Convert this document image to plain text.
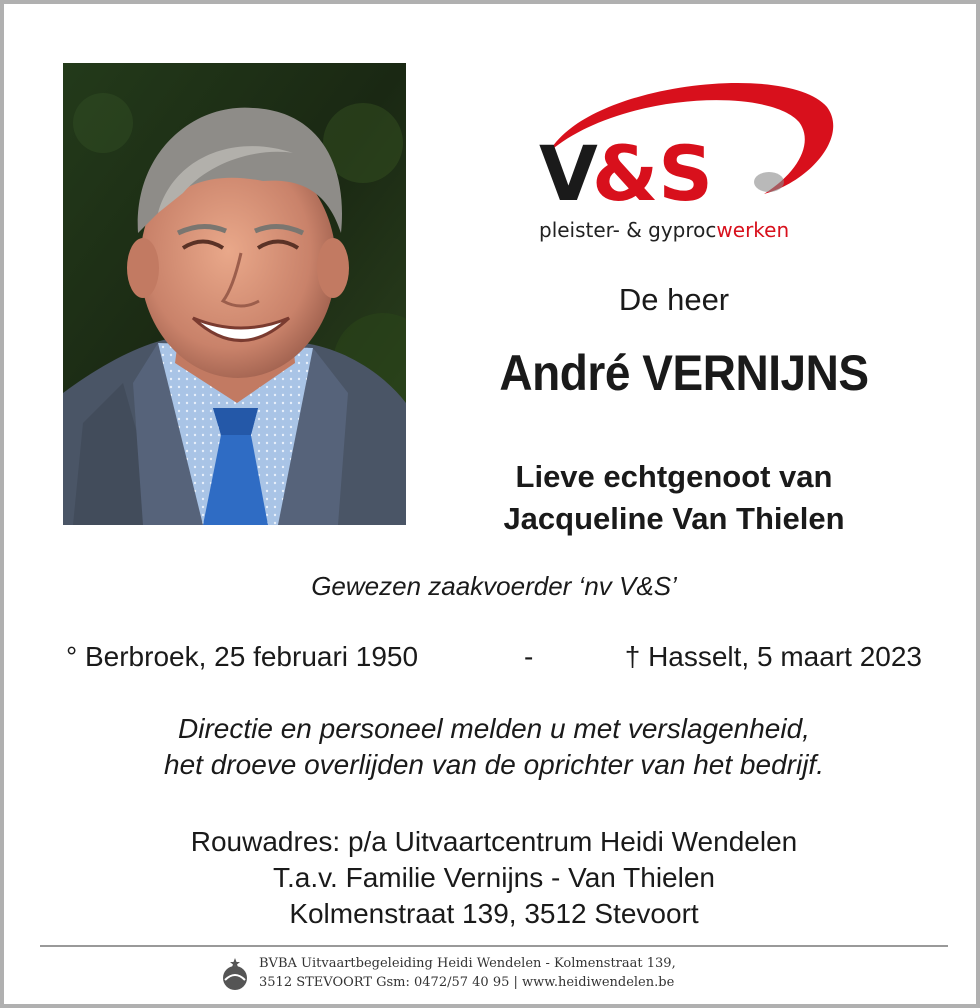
V
&S
pleister- & gyprocwerken
De heer
André VERNIJNS
Lieve echtgenoot van
Jacqueline Van Thielen
Gewezen zaakvoerder ‘nv V&S’
° Berbroek, 25 februari 1950	-	† Hasselt, 5 maart 2023
Directie en personeel melden u met verslagenheid,
het droeve overlijden van de oprichter van het bedrijf.
Rouwadres: p/a Uitvaartcentrum Heidi Wendelen
T.a.v. Familie Vernijns - Van Thielen
Kolmenstraat 139, 3512 Stevoort
BVBA Uitvaartbegeleiding Heidi Wendelen - Kolmenstraat 139,
3512 STEVOORT Gsm: 0472/57 40 95 | www.heidiwendelen.be
